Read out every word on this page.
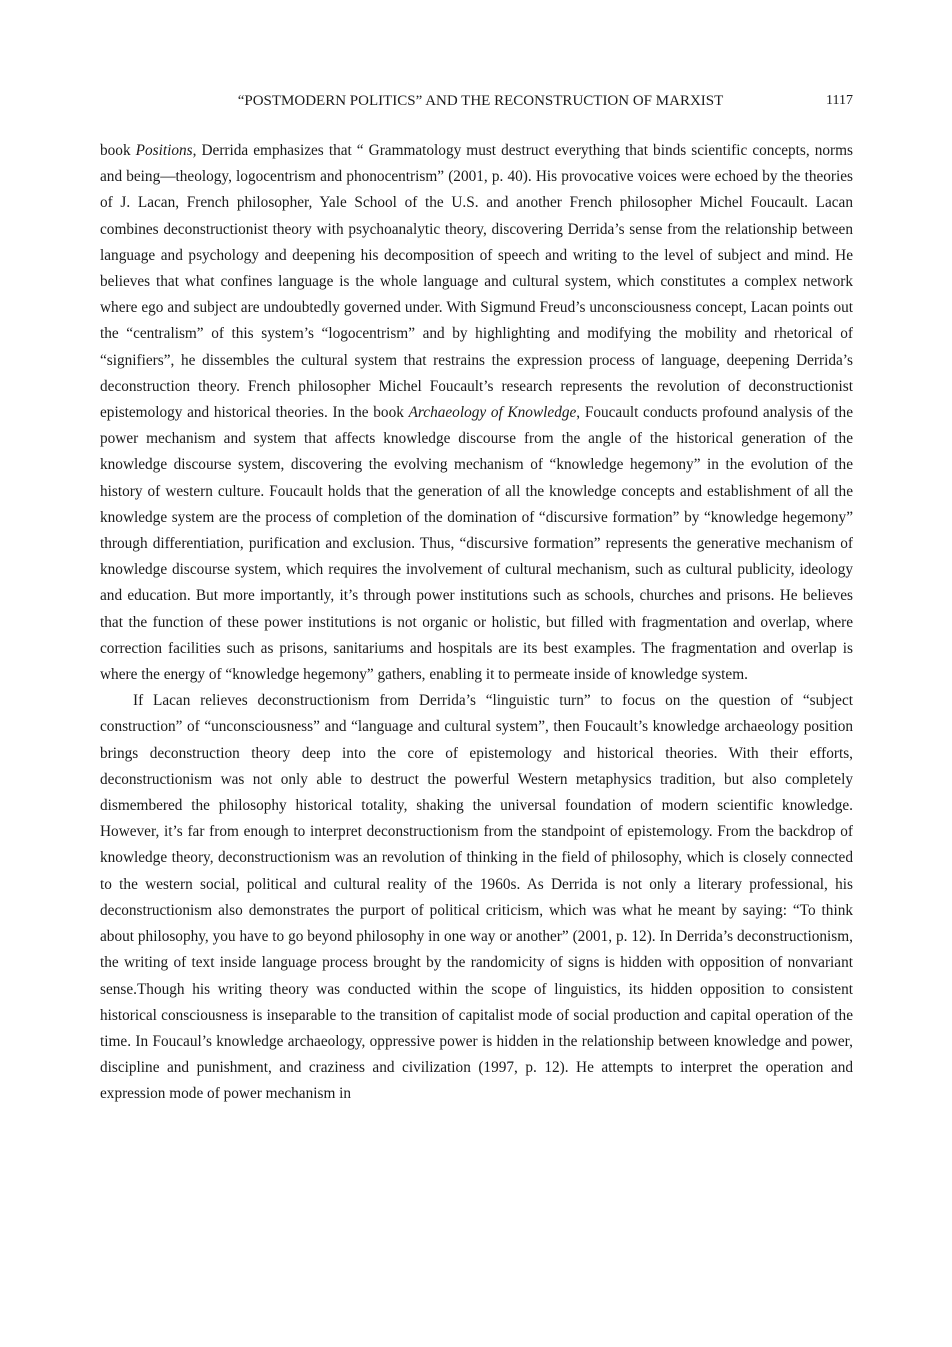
“POSTMODERN POLITICS” AND THE RECONSTRUCTION OF MARXIST	1117

book Positions, Derrida emphasizes that “ Grammatology must destruct everything that binds scientific concepts, norms and being—theology, logocentrism and phonocentrism” (2001, p. 40). His provocative voices were echoed by the theories of J. Lacan, French philosopher, Yale School of the U.S. and another French philosopher Michel Foucault. Lacan combines deconstructionist theory with psychoanalytic theory, discovering Derrida’s sense from the relationship between language and psychology and deepening his decomposition of speech and writing to the level of subject and mind. He believes that what confines language is the whole language and cultural system, which constitutes a complex network where ego and subject are undoubtedly governed under. With Sigmund Freud’s unconsciousness concept, Lacan points out the “centralism” of this system’s “logocentrism” and by highlighting and modifying the mobility and rhetorical of “signifiers”, he dissembles the cultural system that restrains the expression process of language, deepening Derrida’s deconstruction theory. French philosopher Michel Foucault’s research represents the revolution of deconstructionist epistemology and historical theories. In the book Archaeology of Knowledge, Foucault conducts profound analysis of the power mechanism and system that affects knowledge discourse from the angle of the historical generation of the knowledge discourse system, discovering the evolving mechanism of “knowledge hegemony” in the evolution of the history of western culture. Foucault holds that the generation of all the knowledge concepts and establishment of all the knowledge system are the process of completion of the domination of “discursive formation” by “knowledge hegemony” through differentiation, purification and exclusion. Thus, “discursive formation” represents the generative mechanism of knowledge discourse system, which requires the involvement of cultural mechanism, such as cultural publicity, ideology and education. But more importantly, it’s through power institutions such as schools, churches and prisons. He believes that the function of these power institutions is not organic or holistic, but filled with fragmentation and overlap, where correction facilities such as prisons, sanitariums and hospitals are its best examples. The fragmentation and overlap is where the energy of “knowledge hegemony” gathers, enabling it to permeate inside of knowledge system.

If Lacan relieves deconstructionism from Derrida’s “linguistic turn” to focus on the question of “subject construction” of “unconsciousness” and “language and cultural system”, then Foucault’s knowledge archaeology position brings deconstruction theory deep into the core of epistemology and historical theories. With their efforts, deconstructionism was not only able to destruct the powerful Western metaphysics tradition, but also completely dismembered the philosophy historical totality, shaking the universal foundation of modern scientific knowledge. However, it’s far from enough to interpret deconstructionism from the standpoint of epistemology. From the backdrop of knowledge theory, deconstructionism was an revolution of thinking in the field of philosophy, which is closely connected to the western social, political and cultural reality of the 1960s. As Derrida is not only a literary professional, his deconstructionism also demonstrates the purport of political criticism, which was what he meant by saying: “To think about philosophy, you have to go beyond philosophy in one way or another” (2001, p. 12). In Derrida’s deconstructionism, the writing of text inside language process brought by the randomicity of signs is hidden with opposition of nonvariant sense.Though his writing theory was conducted within the scope of linguistics, its hidden opposition to consistent historical consciousness is inseparable to the transition of capitalist mode of social production and capital operation of the time. In Foucaul’s knowledge archaeology, oppressive power is hidden in the relationship between knowledge and power, discipline and punishment, and craziness and civilization (1997, p. 12). He attempts to interpret the operation and expression mode of power mechanism in
